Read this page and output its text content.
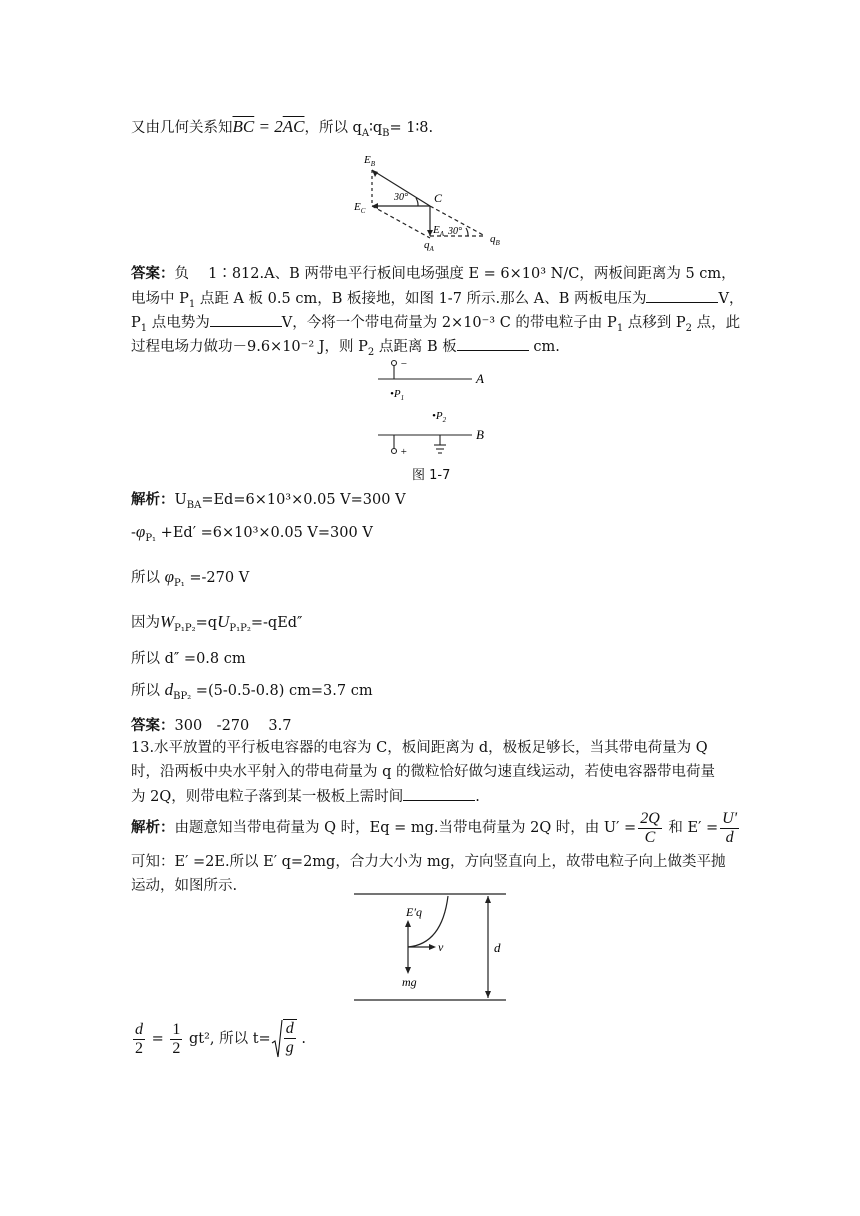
又由几何关系知$\overline{BC} = 2\overline{AC}$，所以 $q_A∶q_B=$ 1∶8.
$E_B$
C
$E_C$
$E_A$
30°
30°
$q_A$
$q_B$
答案：负　 1∶812.A、B 两带电平行板间电场强度 E = 6×10³ N/C，两板间距离为 5 cm，
电场中 $P_1$ 点距 A 板 0.5 cm，B 板接地，如图 1-7 所示.那么 A、B 两板电压为	V，
$P_1$ 点电势为	V，今将一个带电荷量为 2×10⁻³ C 的带电粒子由 $P_1$ 点移到 $P_2$ 点，此
过程电场力做功－9.6×10⁻² J，则 $P_2$ 点距离 B 板	cm.
−
+
A
B
$•P_1$
$•P_2$
图 1-7
解析：$U_{BA}=Ed=6\times 10^3\times 0.05$ V=300 V
$-\varphi_{P_1} +Ed' =6\times 10^3\times 0.05$ V=300 V
所以 $\varphi_{P_1} =-270$ V
因为$W_{P_1P_2}=qU_{P_1P_2}=-qEd''$
所以 d″ =0.8 cm
所以 $d_{BP_2} =(5-0.5-0.8)$ cm=3.7 cm
答案：300　-270　 3.7
13.水平放置的平行板电容器的电容为 C，板间距离为 d，极板足够长，当其带电荷量为 Q
时，沿两板中央水平射入的带电荷量为 q 的微粒恰好做匀速直线运动，若使电容器带电荷量
为 2Q，则带电粒子落到某一极板上需时间	.
解析：由题意知当带电荷量为 Q 时，Eq = mg.当带电荷量为 2Q 时，由 $U' = \frac{2Q}{C}$ 和 $E' = \frac{U'}{d}$
可知：E′ =2E.所以 E′ q=2mg，合力大小为 mg，方向竖直向上，故带电粒子向上做类平抛
运动，如图所示.
E′q
v
mg
d
$\frac{d}{2} = \frac{1}{2} gt^2$, 所以 $t= \frac{d}{g}$ .
